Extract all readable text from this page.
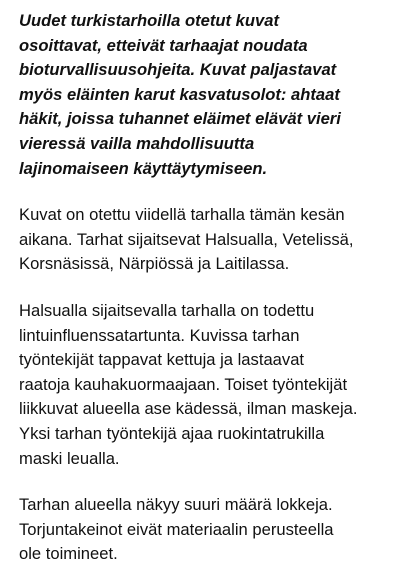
Uudet turkistarhoilla otetut kuvat
osoittavat, etteivät tarhaajat noudata
bioturvallisuusohjeita. Kuvat paljastavat
myös eläinten karut kasvatusolot: ahtaat
häkit, joissa tuhannet eläimet elävät vieri
vieressä vailla mahdollisuutta
lajinomaiseen käyttäytymiseen.

Kuvat on otettu viidellä tarhalla tämän kesän
aikana. Tarhat sijaitsevat Halsualla, Vetelissä,
Korsnäsissä, Närpiössä ja Laitilassa.

Halsualla sijaitsevalla tarhalla on todettu
lintuinfluenssatartunta. Kuvissa tarhan
työntekijät tappavat kettuja ja lastaavat
raatoja kauhakuormaajaan. Toiset työntekijät
liikkuvat alueella ase kädessä, ilman maskeja.
Yksi tarhan työntekijä ajaa ruokintatrukilla
maski leualla.

Tarhan alueella näkyy suuri määrä lokkeja.
Torjuntakeinot eivät materiaalin perusteella
ole toimineet.
